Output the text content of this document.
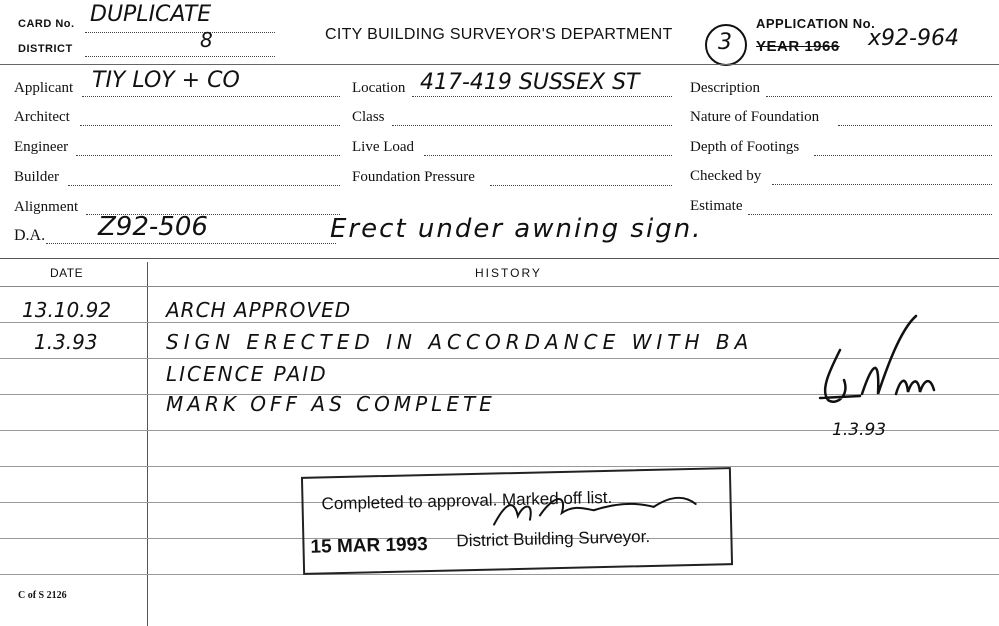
CARD No. DUPLICATE
DISTRICT	8	CITY BUILDING SURVEYOR'S DEPARTMENT 3
APPLICATION No.
YEAR 1966 x92-964
Applicant TIY LOY + CO
Architect
Engineer
Builder
Alignment
D.A. Z92-506	Erect under awning sign.
Location 417-419 SUSSEX ST
Class
Live Load
Foundation Pressure
Description
Nature of Foundation
Depth of Footings
Checked by
Estimate
DATE	HISTORY
13.10.92	ARCH APPROVED
1.3.93	SIGN ERECTED IN ACCORDANCE WITH BA
LICENCE PAID
MARK OFF AS COMPLETE
1.3.93
Completed to approval. Marked off list.
15 MAR 1993 District Building Surveyor.
C of S 2126
